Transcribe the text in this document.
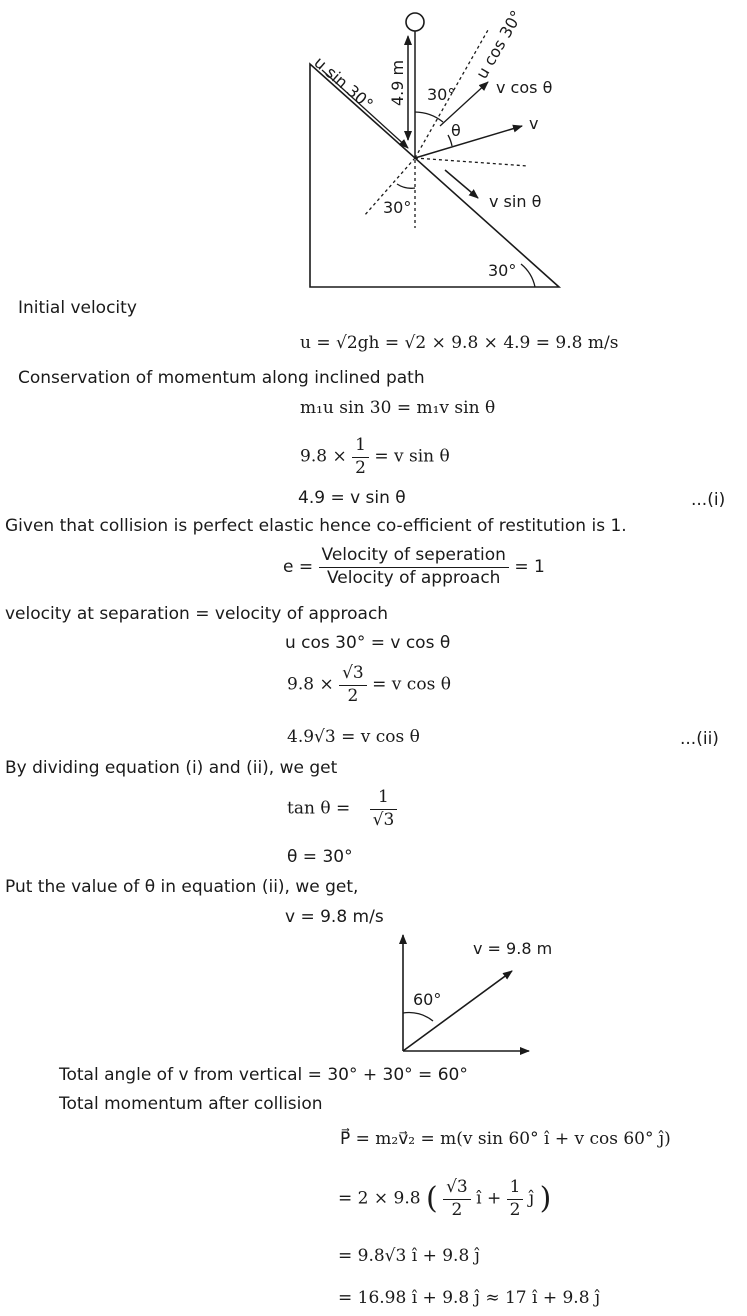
u sin 30° 4.9 m 30°
u cos 30°
v cos θ
θ	v
v sin θ
30°
30°
Initial velocity
u = √2gh = √2 × 9.8 × 4.9 = 9.8 m/s
Conservation of momentum along inclined path
m₁u sin 30 = m₁v sin θ
$9.8 \times \frac{1}{2} = v$ sin θ
4.9 = v sin θ	...(i)
Given that collision is perfect elastic hence co-efficient of restitution is 1.
$e = \frac{\text{Velocity of seperation}}{\text{Velocity of approach}} = 1$
velocity at separation = velocity of approach
u cos 30° = v cos θ
$9.8 \times \frac{√3}{2} = v$ cos θ
4.9√3 = v cos θ	...(ii)
By dividing equation (i) and (ii), we get
$\tan \theta = \frac{1}{√3}$
θ = 30°
Put the value of θ in equation (ii), we get,
v = 9.8 m/s
v = 9.8 m
60°
Total angle of v from vertical = 30° + 30° = 60°
Total momentum after collision
P⃗ = m₂v⃗₂ = m(v sin 60° î + v cos 60° ĵ)
= 2 × 9.8 ( $\frac{√3}{2}$ î + $\frac{1}{2}$ ĵ )
= 9.8√3 î + 9.8 ĵ
= 16.98 î + 9.8 ĵ ≈ 17 î + 9.8 ĵ
